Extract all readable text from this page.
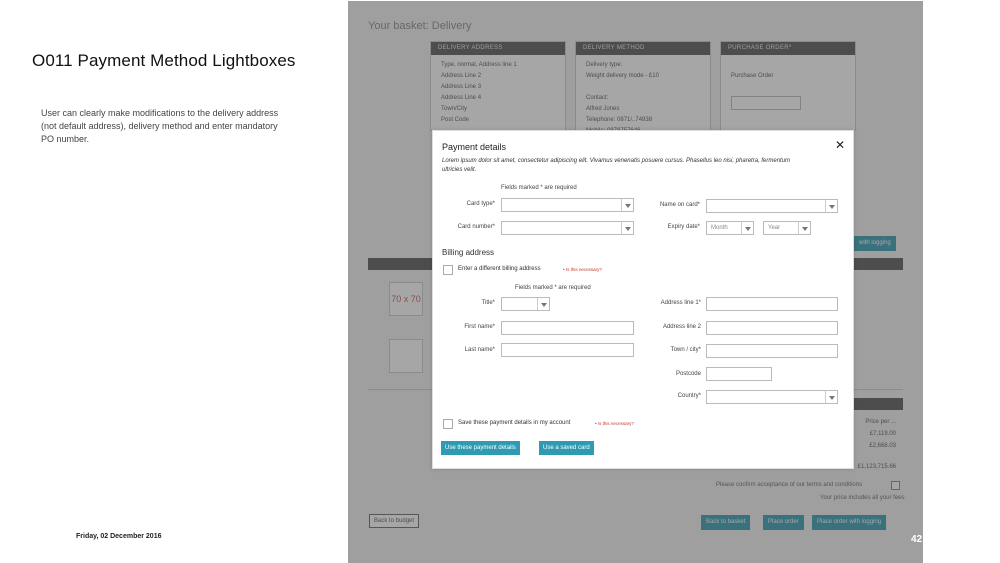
O011 Payment Method Lightboxes
User can clearly make modifications to the delivery address (not default address), delivery method and enter mandatory PO number.
Friday, 02 December 2016
Your basket: Delivery
DELIVERY ADDRESS
Type, normal, Address line 1
Address Line 2
Address Line 3
Address Line 4
Town/City
Post Code
DELIVERY METHOD
Delivery type:
Weight delivery mode - £10

Contact:
Alfred Jones
Telephone: 0871/..74938

PURCHASE ORDER*

Purchase Order

with logging
70 x 70
Price per ...
£7,119.00
£2,668.03
£1,123,715.66
Please confirm acceptance of our terms and conditions
Your price includes all your fees
Back to budget	Back to basket	Place order	Place order with logging
42
Payment details	✕
Lorem ipsum dolor sit amet, consectetur adipiscing elit. Vivamus venenatis posuere cursus. Phasellus leo nisi, pharetra, fermentum ultricies velit.
Fields marked * are required
Card type*	Name on card*
Card number*	Expiry date*	Month	Year
Billing address
Enter a different billing address	• Is this necessary?
Fields marked * are required
Title*	Address line 1*
First name*	Address line 2
Last name*	Town / city*
Postcode
Country*
Save these payment details in my account	• Is this necessary?
Use these payment details	Use a saved card
